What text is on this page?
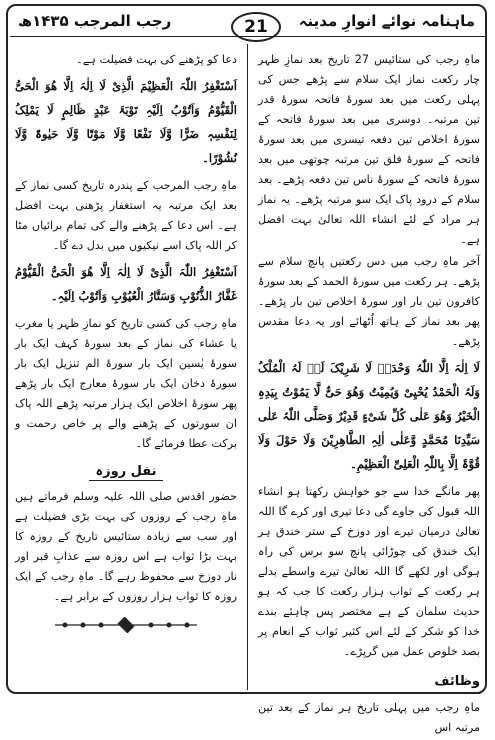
ماہنامہ نوائے انوارِ مدینہ
21
رجب المرجب ۱۴۳۵ھ

ماہِ رجب کی ستائیس 27 تاریخ بعد نمازِ ظہر چار رکعت نماز ایک سلام سے پڑھے جس کی پہلی رکعت میں بعد سورۂ فاتحہ سورۂ قدر تین مرتبہ۔ دوسری میں بعد سورۂ فاتحہ کے سورۂ اخلاص تین دفعہ تیسری میں بعد سورۂ فاتحہ کے سورۂ فلق تین مرتبہ چوتھی میں بعد سورۂ فاتحہ کے سورۂ ناس تین دفعہ پڑھے۔ بعد سلام کے درود پاک ایک سو مرتبہ پڑھے۔ یہ نماز ہر مراد کے لئے انشاء اللہ تعالیٰ بہت افضل ہے۔

آخر ماہِ رجب میں دس رکعتیں پانچ سلام سے پڑھے۔ ہر رکعت میں سورۂ الحمد کے بعد سورۂ کافرون تین بار اور سورۂ اخلاص تین بار پڑھے۔ پھر بعد نماز کے ہاتھ اُٹھائے اور یہ دعا مقدس پڑھے۔

لَا اِلٰہَ اِلَّا اللّٰہُ وَحْدَہٗ لَا شَرِیْکَ لَہٗ لَہُ الْمُلْکُ وَلَہُ الْحَمْدُ یُحْیِیْ وَیُمِیْتُ وَھُوَ حَیٌّ لَّا یَمُوْتُ بِیَدِہِ الْخَیْرُ وَھُوَ عَلٰی کُلِّ شَیْءٍ قَدِیْرٌ وَصَلَّی اللّٰہُ عَلٰی سَیِّدِنَا مُحَمَّدٍ وَّعَلٰی اٰلِہِ الطَّاھِرِیْنَ وَلَا حَوْلَ وَلَا قُوَّۃَ اِلَّا بِاللّٰہِ الْعَلِیِّ الْعَظِیْمِ۔

پھر مانگے خدا سے جو خواہش رکھتا ہو انشاء اللہ قبول کی جاوے گی دعا تیری اور کرے گا اللہ تعالیٰ درمیان تیرے اور دوزخ کے ستر خندق ہر ایک خندق کی چوڑائی پانچ سو برس کی راہ ہوگی اور لکھے گا اللہ تعالیٰ تیرے واسطے بدلے ہر رکعت کے ثواب ہزار رکعت کا جب کہ ہو حدیث سلمان کے ہے مختصر پس چاہئے بندے خدا کو شکر کے لئے اس کثیر ثواب کے انعام پر بصد خلوص عمل میں گرپڑے۔

وظائف

ماہِ رجب میں پہلی تاریخ ہر نماز کے بعد تین مرتبہ اس

دعا کو پڑھنے کی بہت فضیلت ہے۔

اَسْتَغْفِرُ اللّٰہَ الْعَظِیْمَ الَّذِیْ لَا اِلٰہَ اِلَّا ھُوَ الْحَیُّ الْقَیُّوْمُ وَاَتُوْبُ اِلَیْہِ تَوْبَۃَ عَبْدٍ ظَالِمٍ لَا یَمْلِکُ لِنَفْسِہٖ ضَرًّا وَّلَا نَفْعًا وَّلَا مَوْتًا وَّلَا حَیٰوۃً وَّلَا نُشُوْرًا۔

ماہِ رجب المرجب کے پندرہ تاریخ کسی نماز کے بعد ایک مرتبہ یہ استغفار پڑھنی بہت افضل ہے۔ اس دعا کے پڑھنے والے کی تمام برائیاں مٹا کر اللہ پاک اسے نیکیوں میں بدل دے گا۔

اَسْتَغْفِرُ اللّٰہَ الَّذِیْ لَا اِلٰہَ اِلَّا ھُوَ الْحَیُّ الْقَیُّوْمُ غَفَّارُ الذُّنُوْبِ وَسَتَّارُ الْعُیُوْبِ وَاَتُوْبُ اِلَیْہِ۔

ماہِ رجب کی کسی تاریخ کو نمازِ ظہر یا مغرب یا عشاء کی نماز کے بعد سورۂ کہف ایک بار سورۂ یٰسین ایک بار سورۂ الم تنزیل ایک بار سورۂ دخان ایک بار سورۂ معارج ایک بار پڑھے پھر سورۂ اخلاص ایک ہزار مرتبہ پڑھے اللہ پاک ان سورتوں کے پڑھنے والے پر خاص رحمت و برکت عطا فرمائے گا۔

نفل روزہ

حضور اقدس صلی اللہ علیہ وسلم فرماتے ہیں ماہِ رجب کے روزوں کی بہت بڑی فضیلت ہے اور سب سے زیادہ ستائیس تاریخ کے روزہ کا بہت بڑا ثواب ہے اس روزہ سے عذابِ قبر اور نار دوزخ سے محفوظ رہے گا۔ ماہِ رجب کے ایک روزہ کا ثواب ہزار روزوں کے برابر ہے۔
